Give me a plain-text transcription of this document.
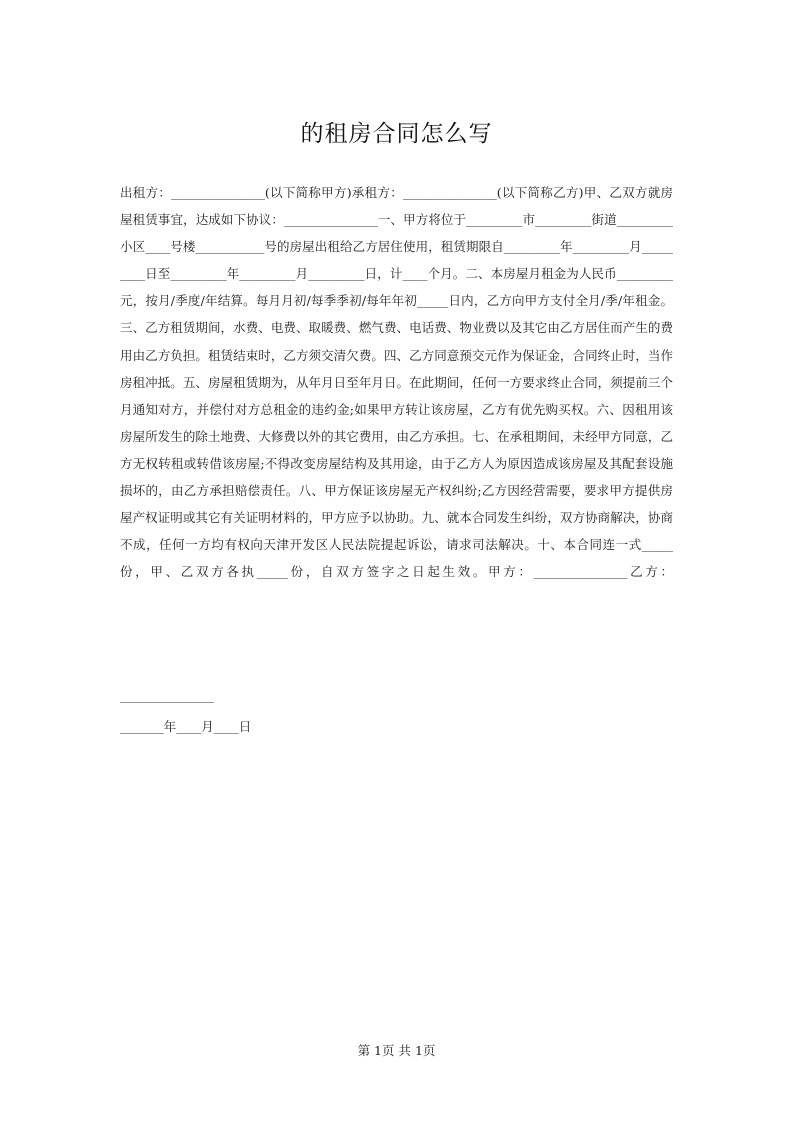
的租房合同怎么写

出租方：_______________(以下简称甲方)承租方：_______________(以下简称乙方)甲、乙双方就房屋租赁事宜，达成如下协议：_______________一、甲方将位于_________市_________街道_________小区____号楼___________号的房屋出租给乙方居住使用，租赁期限自_________年_________月_________日至_________年_________月_________日，计____个月。二、本房屋月租金为人民币_________元，按月/季度/年结算。每月月初/每季季初/每年年初_____日内，乙方向甲方支付全月/季/年租金。三、乙方租赁期间，水费、电费、取暖费、燃气费、电话费、物业费以及其它由乙方居住而产生的费用由乙方负担。租赁结束时，乙方须交清欠费。四、乙方同意预交元作为保证金，合同终止时，当作房租冲抵。五、房屋租赁期为，从年月日至年月日。在此期间，任何一方要求终止合同，须提前三个月通知对方，并偿付对方总租金的违约金;如果甲方转让该房屋，乙方有优先购买权。六、因租用该房屋所发生的除土地费、大修费以外的其它费用，由乙方承担。七、在承租期间，未经甲方同意，乙方无权转租或转借该房屋;不得改变房屋结构及其用途，由于乙方人为原因造成该房屋及其配套设施损坏的，由乙方承担赔偿责任。八、甲方保证该房屋无产权纠纷;乙方因经营需要，要求甲方提供房屋产权证明或其它有关证明材料的，甲方应予以协助。九、就本合同发生纠纷，双方协商解决，协商不成，任何一方均有权向天津开发区人民法院提起诉讼，请求司法解决。十、本合同连一式_____份，甲、乙双方各执_____份，自双方签字之日起生效。甲方：_______________乙方：

_______________
_______年____月____日
第 1页 共 1页
